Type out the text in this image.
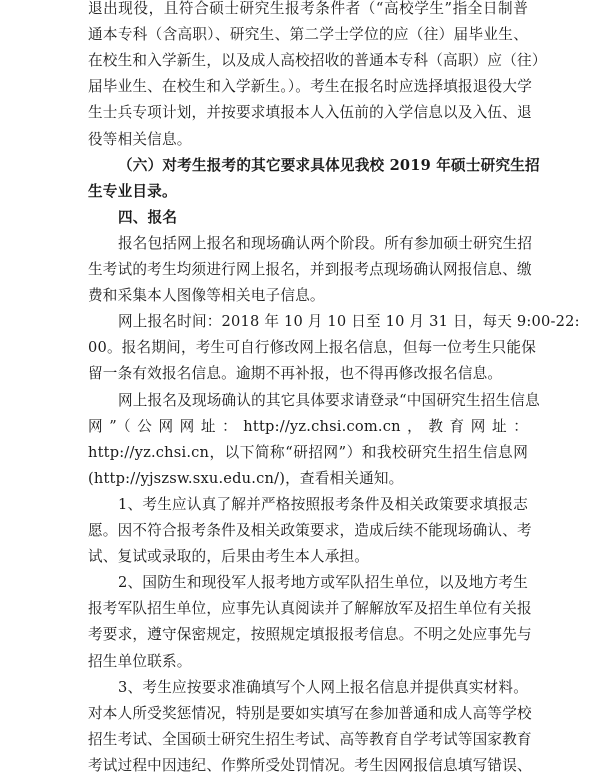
退出现役，且符合硕士研究生报考条件者（“高校学生”指全日制普
通本专科（含高职）、研究生、第二学士学位的应（往）届毕业生、
在校生和入学新生，以及成人高校招收的普通本专科（高职）应（往）
届毕业生、在校生和入学新生。）。考生在报名时应选择填报退役大学
生士兵专项计划，并按要求填报本人入伍前的入学信息以及入伍、退
役等相关信息。
（六）对考生报考的其它要求具体见我校 2019 年硕士研究生招
生专业目录。
四、报名
报名包括网上报名和现场确认两个阶段。所有参加硕士研究生招
生考试的考生均须进行网上报名，并到报考点现场确认网报信息、缴
费和采集本人图像等相关电子信息。
网上报名时间：2018 年 10 月 10 日至 10 月 31 日，每天 9:00-22:
00。报名期间，考生可自行修改网上报名信息，但每一位考生只能保
留一条有效报名信息。逾期不再补报，也不得再修改报名信息。
网上报名及现场确认的其它具体要求请登录“中国研究生招生信息
网”（公网网址：http://yz.chsi.com.cn，教育网址：
http://yz.chsi.cn，以下简称“研招网”）和我校研究生招生信息网
(http://yjszsw.sxu.edu.cn/)，查看相关通知。
1、考生应认真了解并严格按照报考条件及相关政策要求填报志
愿。因不符合报考条件及相关政策要求，造成后续不能现场确认、考
试、复试或录取的，后果由考生本人承担。
2、国防生和现役军人报考地方或军队招生单位，以及地方考生
报考军队招生单位，应事先认真阅读并了解解放军及招生单位有关报
考要求，遵守保密规定，按照规定填报报考信息。不明之处应事先与
招生单位联系。
3、考生应按要求准确填写个人网上报名信息并提供真实材料。
对本人所受奖惩情况，特别是要如实填写在参加普通和成人高等学校
招生考试、全国硕士研究生招生考试、高等教育自学考试等国家教育
考试过程中因违纪、作弊所受处罚情况。考生因网报信息填写错误、
